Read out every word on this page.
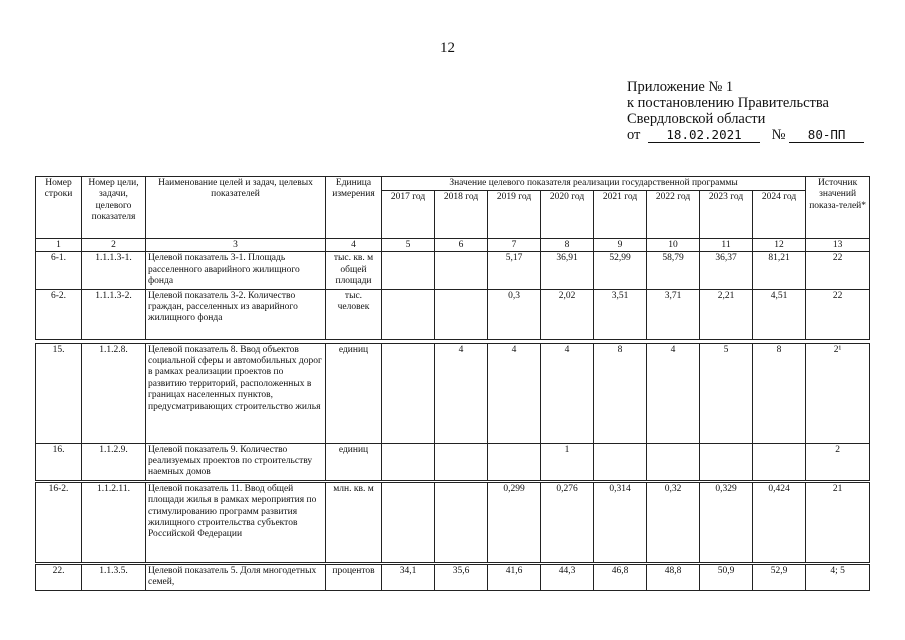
12
Приложение № 1
к постановлению Правительства
Свердловской области
от 18.02.2021 № 80-ПП
Номер строки	Номер цели, задачи, целевого показателя	Наименование целей и задач, целевых показателей	Единица измерения	Значение целевого показателя реализации государственной программы								Источник значений показа-телей*
				2017 год	2018 год	2019 год	2020 год	2021 год	2022 год	2023 год	2024 год	
1	2	3	4	5	6	7	8	9	10	11	12	13
6-1.	1.1.1.3-1.	Целевой показатель 3-1. Площадь расселенного аварийного жилищного фонда	тыс. кв. м общей площади			5,17	36,91	52,99	58,79	36,37	81,21	22
6-2.	1.1.1.3-2.	Целевой показатель 3-2. Количество граждан, расселенных из аварийного жилищного фонда	тыс. человек			0,3	2,02	3,51	3,71	2,21	4,51	22

15.	1.1.2.8.	Целевой показатель 8. Ввод объектов социальной сферы и автомобильных дорог в рамках реализации проектов по развитию территорий, расположенных в границах населенных пунктов, предусматривающих строительство жилья	единиц		4	4	4	8	4	5	8	2¹
16.	1.1.2.9.	Целевой показатель 9. Количество реализуемых проектов по строительству наемных домов	единиц				1					2

16-2.	1.1.2.11.	Целевой показатель 11. Ввод общей площади жилья в рамках мероприятия по стимулированию программ развития жилищного строительства субъектов Российской Федерации	млн. кв. м			0,299	0,276	0,314	0,32	0,329	0,424	21

22.	1.1.3.5.	Целевой показатель 5. Доля многодетных семей,	процентов	34,1	35,6	41,6	44,3	46,8	48,8	50,9	52,9	4; 5
